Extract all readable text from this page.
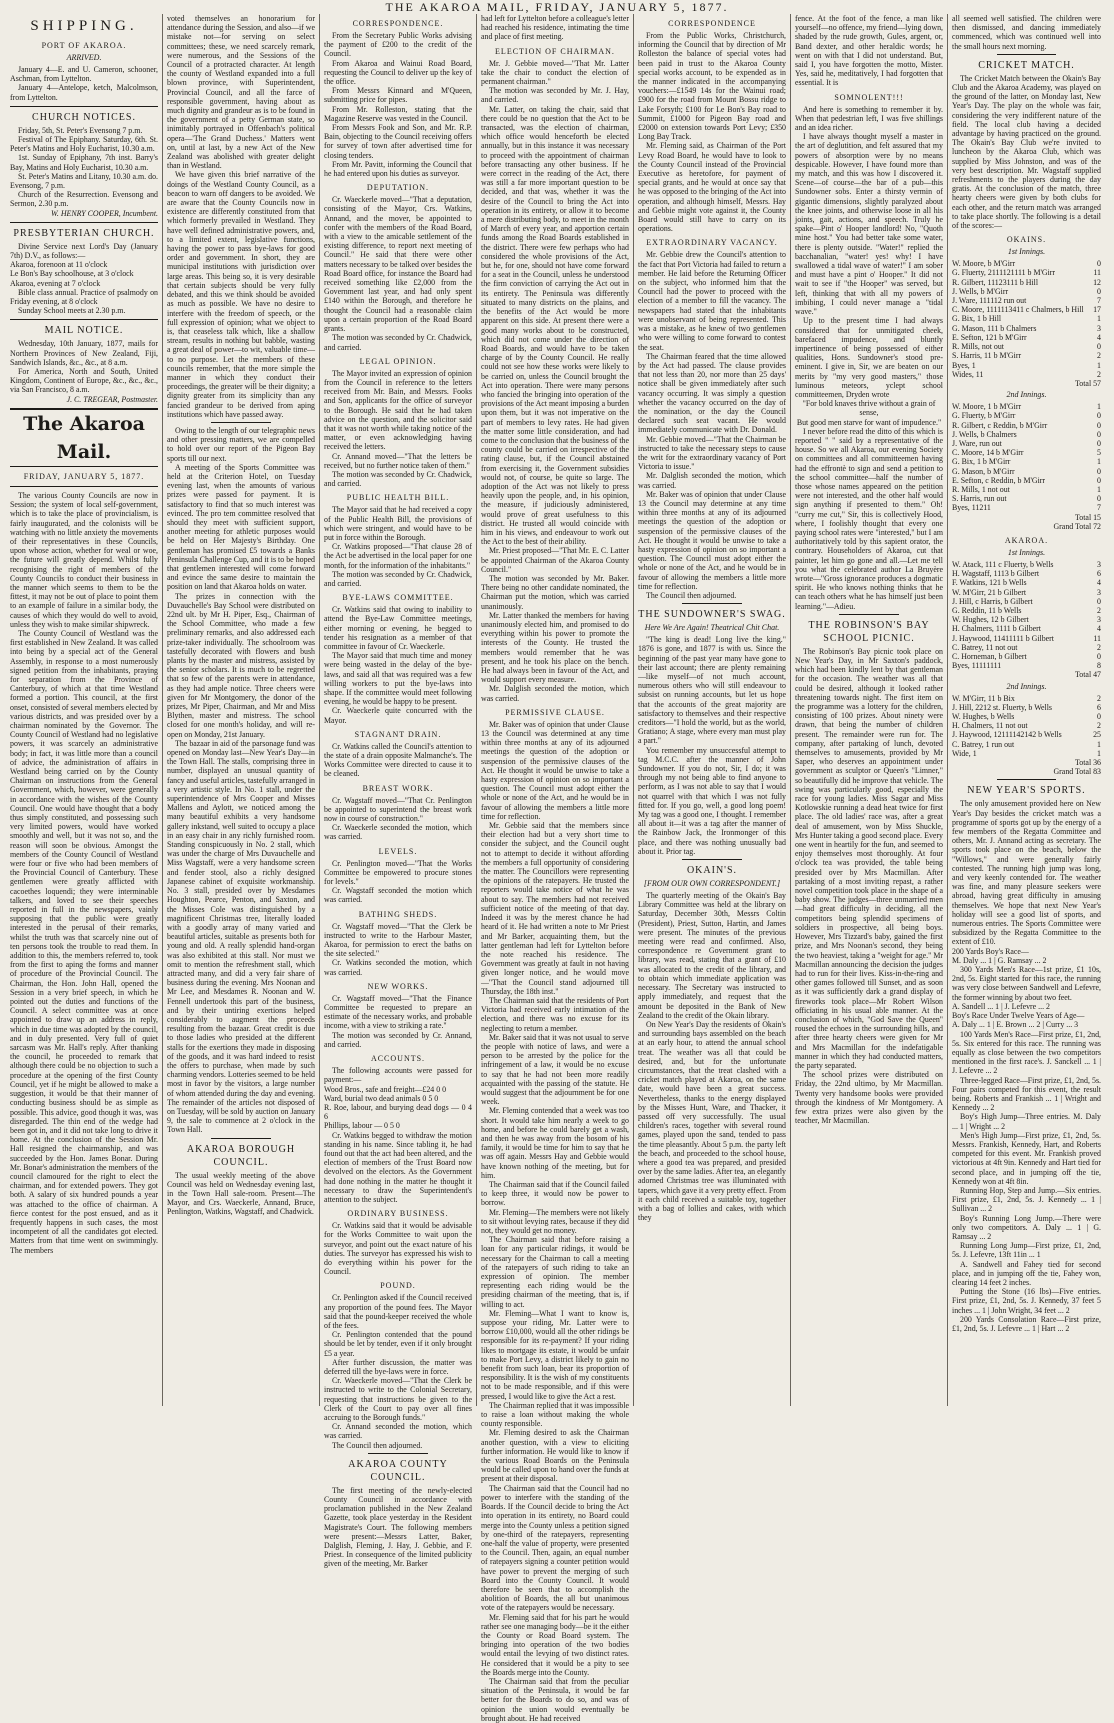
THE AKAROA MAIL, FRIDAY, JANUARY 5, 1877.
SHIPPING.
PORT OF AKAROA.
ARRIVED.

January 4—E. and U. Cameron, schooner, Aschman, from Lyttelton.

January 4—Antelope, ketch, Malcolmson, from Lyttelton.

CHURCH NOTICES.

Friday, 5th, St. Peter's Evensong 7 p.m.

Festival of The Epiphany. Saturday, 6th. St. Peter's Matins and Holy Eucharist, 10.30 a.m.

1st. Sunday of Epiphany, 7th inst. Barry's Bay, Matins and Holy Eucharist, 10.30 a.m.

St. Peter's Matins and Litany, 10.30 a.m. do. Evensong, 7 p.m.

Church of the Resurrection. Evensong and Sermon, 2.30 p.m.

W. HENRY COOPER, Incumbent.

PRESBYTERIAN CHURCH.

Divine Service next Lord's Day (January 7th) D.V., as follows:—

Akaroa, forenoon at 11 o'clock

Le Bon's Bay schoolhouse, at 3 o'clock

Akaroa, evening at 7 o'clock

Bible class annual. Practice of psalmody on Friday evening, at 8 o'clock

Sunday School meets at 2.30 p.m.

MAIL NOTICE.

Wednesday, 10th January, 1877, mails for Northern Provinces of New Zealand, Fiji, Sandwich Islands, &c., &c., at 8 a.m.

For America, North and South, United Kingdom, Continent of Europe, &c., &c., &c., via San Francisco, 8 a.m.

J. C. TREGEAR, Postmaster.

The Akaroa Mail.
FRIDAY, JANUARY 5, 1877.

The various County Councils are now in Session; the system of local self-government, which is to take the place of provincialism, is fairly inaugurated, and the colonists will be watching with no little anxiety the movements of their representatives in these Councils, upon whose action, whether for weal or woe, the future will greatly depend. Whilst fully recognising the right of members of the County Councils to conduct their business in the manner which seems to them to be the fittest, it may not be out of place to point them to an example of failure in a similar body, the causes of which they would do well to avoid, unless they wish to make similar shipwreck.

The County Council of Westland was the first established in New Zealand. It was called into being by a special act of the General Assembly, in response to a most numerously signed petition from the inhabitants, praying for separation from the Province of Canterbury, of which at that time Westland formed a portion. This council, at the first onset, consisted of several members elected by various districts, and was presided over by a chairman nominated by the Governor. The County Council of Westland had no legislative powers, it was scarcely an administrative body; in fact, it was little more than a council of advice, the administration of affairs in Westland being carried on by the County Chairman on instructions from the General Government, which, however, were generally in accordance with the wishes of the County Council. One would have thought that a body thus simply constituted, and possessing such very limited powers, would have worked smoothly and well, but it was not so, and the reason will soon be obvious. Amongst the members of the County Council of Westland were four or five who had been members of the Provincial Council of Canterbury. These gentlemen were greatly afflicted with cacoethes loquendi; they were interminable talkers, and loved to see their speeches reported in full in the newspapers, vainly supposing that the public were greatly interested in the perusal of their remarks, whilst the truth was that scarcely nine out of ten persons took the trouble to read them. In addition to this, the members referred to, took from the first to aping the forms and manner of procedure of the Provincial Council. The Chairman, the Hon. John Hall, opened the Session in a very brief speech, in which he pointed out the duties and functions of the Council. A select committee was at once appointed to draw up an address in reply, which in due time was adopted by the council, and in duly presented. Very full of quiet sarcasm was Mr. Hall's reply. After thanking the council, he proceeded to remark that although there could be no objection to such a procedure at the opening of the first County Council, yet if he might be allowed to make a suggestion, it would be that their manner of conducting business should be as simple as possible. This advice, good though it was, was disregarded. The thin end of the wedge had been got in, and it did not take long to drive it home. At the conclusion of the Session Mr. Hall resigned the chairmanship, and was succeeded by the Hon. James Bonar. During Mr. Bonar's administration the members of the council clamoured for the right to elect the chairman, and for extended powers. They got both. A salary of six hundred pounds a year was attached to the office of chairman. A fierce contest for the post ensued, and as it frequently happens in such cases, the most incompetent of all the candidates got elected. Matters from that time went on swimmingly. The members

voted themselves an honorarium for attendance during the Session, and also—if we mistake not—for serving on select committees; these, we need scarcely remark, were numerous, and the Sessions of the Council of a protracted character. At length the county of Westland expanded into a full blown province, with Superintendent, Provincial Council, and all the farce of responsible government, having about as much dignity and grandeur as is to be found in the government of a petty German state, so inimitably portrayed in Offenbach's political opera—'The Grand Duchess.' Matters went on, until at last, by a new Act of the New Zealand was abolished with greater delight than in Westland.

We have given this brief narrative of the doings of the Westland County Council, as a beacon to warn off dangers to be avoided. We are aware that the County Councils now in existence are differently constituted from that which formerly prevailed in Westland. They have well defined administrative powers, and, to a limited extent, legislative functions, having the power to pass bye-laws for good order and government. In short, they are municipal institutions with jurisdiction over large areas. This being so, it is very desirable that certain subjects should be very fully debated, and this we think should be avoided as much as possible. We have no desire to interfere with the freedom of speech, or the full expression of opinion; what we object to is, that ceaseless talk which, like a shallow stream, results in nothing but babble, wasting a great deal of power—to wit, valuable time—to no purpose. Let the members of these councils remember, that the more simple the manner in which they conduct their proceedings, the greater will be their dignity; a dignity greater from its simplicity than any fancied grandeur to be derived from aping institutions which have passed away.

Owing to the length of our telegraphic news and other pressing matters, we are compelled to hold over our report of the Pigeon Bay sports till our next.

A meeting of the Sports Committee was held at the Criterion Hotel, on Tuesday evening last, when the amounts of various prizes were passed for payment. It is satisfactory to find that so much interest was evinced. The pro tem committee resolved that should they meet with sufficient support, another meeting for athletic purposes would be held on Her Majesty's Birthday. One gentleman has promised £5 towards a Banks Peninsula Challenge Cup, and it is to be hoped that gentlemen interested will come forward and evince the same desire to maintain the position on land that Akaroa holds on water.

The prizes in connection with the Duvauchelle's Bay School were distributed on 22nd ult. by Mr H. Piper, Esq., Chairman of the School Committee, who made a few preliminary remarks, and also addressed each prize-taker individually. The schoolroom was tastefully decorated with flowers and bush plants by the master and mistress, assisted by the senior scholars. It is much to be regretted that so few of the parents were in attendance, as they had ample notice. Three cheers were given for Mr Montgomery, the donor of the prizes, Mr Piper, Chairman, and Mr and Miss Blythen, master and mistress. The school closed for one month's holiday, and will re-open on Monday, 21st January.

The bazaar in aid of the parsonage fund was opened on Monday last—New Year's Day—in the Town Hall. The stalls, comprising three in number, displayed an unusual quantity of fancy and useful articles, tastefully arranged in a very artistic style. In No. 1 stall, under the superintendence of Mrs Cooper and Misses Mallens and Aylott, we noticed among the many beautiful exhibits a very handsome gallery inkstand, well suited to occupy a place in an easy chair in any richly furnished room. Standing conspicuously in No. 2 stall, which was under the charge of Mrs Duvauchelle and Miss Wagstaff, were a very handsome screen and fender stool, also a richly designed Japanese cabinet of exquisite workmanship. No. 3 stall, presided over by Mesdames Houghton, Pearce, Penton, and Saxton, and the Misses Cole was distinguished by a magnificent Christmas tree, literally loaded with a goodly array of many varied and beautiful articles, suitable as presents both for young and old. A really splendid hand-organ was also exhibited at this stall. Nor must we omit to mention the refreshment stall, which attracted many, and did a very fair share of business during the evening. Mrs Noonan and Mr Lee, and Mesdames R. Noonan and W. Fennell undertook this part of the business, and by their untiring exertions helped considerably to augment the proceeds resulting from the bazaar. Great credit is due to those ladies who presided at the different stalls for the exertions they made in disposing of the goods, and it was hard indeed to resist the offers to purchase, when made by such charming vendors. Lotteries seemed to be held most in favor by the visitors, a large number of whom attended during the day and evening. The remainder of the articles not disposed of on Tuesday, will be sold by auction on January 9, the sale to commence at 2 o'clock in the Town Hall.

AKAROA BOROUGH COUNCIL.

The usual weekly meeting of the above Council was held on Wednesday evening last, in the Town Hall sale-room. Present—The Mayor, and Crs. Waeckerle, Annand, Bruce, Penlington, Watkins, Wagstaff, and Chadwick.

CORRESPONDENCE.

From the Secretary Public Works advising the payment of £200 to the credit of the Council.

From Akaroa and Wainui Road Board, requesting the Council to deliver up the key of the office.

From Messrs Kinnard and M'Queen, submitting price for pipes.

From Mr. Rolleston, stating that the Magazine Reserve was vested in the Council.

From Messrs Fook and Son, and Mr. R.P. Bain, objecting to the Council receiving offers for survey of town after advertised time for closing tenders.

From Mr. Pavitt, informing the Council that he had entered upon his duties as surveyor.

DEPUTATION.

Cr. Waeckerle moved—"That a deputation, consisting of the Mayor, Crs. Watkins, Annand, and the mover, be appointed to confer with the members of the Road Board, with a view to the amicable settlement of the existing difference, to report next meeting of Council." He said that there were other matters necessary to be talked over besides the Road Board office, for instance the Board had received something like £2,000 from the Government last year, and had only spent £140 within the Borough, and therefore he thought the Council had a reasonable claim upon a certain proportion of the Road Board grants.

The motion was seconded by Cr. Chadwick, and carried.

LEGAL OPINION.

The Mayor invited an expression of opinion from the Council in reference to the letters received from Mr. Bain, and Messrs. Fooks and Son, applicants for the office of surveyor to the Borough. He said that he had taken advice on the question, and the solicitor said that it was not worth while taking notice of the matter, or even acknowledging having received the letters.

Cr. Annand moved—"That the letters be received, but no further notice taken of them."

The motion was seconded by Cr. Chadwick, and carried.

PUBLIC HEALTH BILL.

The Mayor said that he had received a copy of the Public Health Bill, the provisions of which were stringent, and would have to be put in force within the Borough.

Cr. Watkins proposed—"That clause 28 of the Act be advertised in the local paper for one month, for the information of the inhabitants."

The motion was seconded by Cr. Chadwick, and carried.

BYE-LAWS COMMITTEE.

Cr. Watkins said that owing to inability to attend the Bye-Law Committee meetings, either morning or evening, he begged to tender his resignation as a member of that committee in favour of Cr. Waeckerle.

The Mayor said that much time and money were being wasted in the delay of the bye-laws, and said all that was required was a few willing workers to put the bye-laws into shape. If the committee would meet following evening, he would be happy to be present.

Cr. Waeckerle quite concurred with the Mayor.

STAGNANT DRAIN.

Cr. Watkins called the Council's attention to the state of a drain opposite Malmanche's. The Works Committee were directed to cause it to be cleaned.

BREAST WORK.

Cr. Wagstaff moved—"That Cr. Penlington be appointed to superintend the breast work now in course of construction."

Cr. Waeckerle seconded the motion, which was carried.

LEVELS.

Cr. Penlington moved—"That the Works Committee be empowered to procure stones for levels."

Cr. Wagstaff seconded the motion which was carried.

BATHING SHEDS.

Cr. Wagstaff moved—"That the Clerk be instructed to write to the Harbour Master, Akaroa, for permission to erect the baths on the site selected."

Cr. Watkins seconded the motion, which was carried.

NEW WORKS.

Cr. Wagstaff moved—"That the Finance Committee be requested to prepare an estimate of the necessary works, and probable income, with a view to striking a rate."

The motion was seconded by Cr. Annand, and carried.

ACCOUNTS.

The following accounts were passed for payment:—

Wood Bros., safe and freight—£24 0 0

Ward, burial two dead animals 0 5 0

R. Roe, labour, and burying dead dogs — 0 4 6

Phillips, labour — 0 5 0

Cr. Watkins begged to withdraw the motion standing in his name. Since tabling it, he had found out that the act had been altered, and the election of members of the Trust Board now devolved on the electors. As the Government had done nothing in the matter he thought it necessary to draw the Superintendent's attention to the subject.

ORDINARY BUSINESS.

Cr. Watkins said that it would be advisable for the Works Committee to wait upon the surveyor, and point out the exact nature of his duties. The surveyor has expressed his wish to do everything within his power for the Council.

POUND.

Cr. Penlington asked if the Council received any proportion of the pound fees. The Mayor said that the pound-keeper received the whole of the fees.

Cr. Penlington contended that the pound should be let by tender, even if it only brought £5 a year.

After further discussion, the matter was deferred till the bye-laws were in force.

Cr. Waeckerle moved—"That the Clerk be instructed to write to the Colonial Secretary, requesting that instructions be given to the Clerk of the Court to pay over all fines accruing to the Borough funds."

Cr. Annand seconded the motion, which was carried.

The Council then adjourned.

AKAROA COUNTY COUNCIL.

The first meeting of the newly-elected County Council in accordance with proclamation published in the New Zealand Gazette, took place yesterday in the Resident Magistrate's Court. The following members were present:—Messrs Latter, Baker, Dalglish, Fleming, J. Hay, J. Gebbie, and F. Priest. In consequence of the limited publicity given of the meeting, Mr. Barker

had left for Lyttelton before a colleague's letter had reached his residence, intimating the time and place of first meeting.

ELECTION OF CHAIRMAN.

Mr. J. Gebbie moved—"That Mr. Latter take the chair to conduct the election of permanent chairman."

The motion was seconded by Mr. J. Hay, and carried.

Mr. Latter, on taking the chair, said that there could be no question that the Act to be transacted, was the election of chairman, which office would henceforth be elected annually, but in this instance it was necessary to proceed with the appointment of chairman before transacting any other business. If he were correct in the reading of the Act, there was still a far more important question to be decided, and that was, whether it was the desire of the Council to bring the Act into operation in its entirety, or allow it to become a mere distributing body, to meet in the month of March of every year, and apportion certain funds among the Road Boards established in the district. There were few perhaps who had considered the whole provisions of the Act, but he, for one, should not have come forward for a seat in the Council, unless he understood the firm conviction of carrying the Act out in its entirety. The Peninsula was differently situated to many districts on the plains, and the benefits of the Act would be more apparent on this side. At present there were a good many works about to be constructed, which did not come under the direction of Road Boards, and would have to be taken charge of by the County Council. He really could not see how these works were likely to be carried on, unless the Council brought the Act into operation. There were many persons who fancied the bringing into operation of the provisions of the Act meant imposing a burden upon them, but it was not imperative on the part of members to levy rates. He had given the matter some little consideration, and had come to the conclusion that the business of the county could be carried on irrespective of the rating clause, but, if the Council abstained from exercising it, the Government subsidies would not, of course, be quite so large. The adoption of the Act was not likely to press heavily upon the people, and, in his opinion, the measure, if judiciously administered, would prove of great usefulness to this district. He trusted all would coincide with him in his views, and endeavour to work out the Act to the best of their ability.

Mr. Priest proposed—"That Mr. E. C. Latter be appointed Chairman of the Akaroa County Council."

The motion was seconded by Mr. Baker. There being no other candidate nominated, the Chairman put the motion, which was carried unanimously.

Mr. Latter thanked the members for having unanimously elected him, and promised to do everything within his power to promote the interests of the County. He trusted the members would remember that he was present, and he took his place on the bench. He had always been in favour of the Act, and would support every measure.

Mr. Dalglish seconded the motion, which was carried.

PERMISSIVE CLAUSE.

Mr. Baker was of opinion that under Clause 13 the Council was determined at any time within three months at any of its adjourned meetings the question of the adoption or suspension of the permissive clauses of the Act. He thought it would be unwise to take a hasty expression of opinion on so important a question. The Council must adopt either the whole or none of the Act, and he would be in favour of allowing the members a little more time for reflection.

Mr. Gebbie said that the members since their election had but a very short time to consider the subject, and the Council ought not to attempt to decide it without affording the members a full opportunity of considering the matter. The Councillors were representing the opinions of the ratepayers. He trusted the reporters would take notice of what he was about to say. The members had not received sufficient notice of the meeting of that day. Indeed it was by the merest chance he had heard of it. He had written a note to Mr Priest and Mr Barker, acquainting them, but the latter gentleman had left for Lyttelton before the note reached his residence. The Government was greatly at fault in not having given longer notice, and he would move—"That the Council stand adjourned till Thursday, the 18th inst."

The Chairman said that the residents of Port Victoria had received early intimation of the election, and there was no excuse for its neglecting to return a member.

Mr. Baker said that it was not usual to serve the people with notice of laws, and were a person to be arrested by the police for the infringement of a law, it would be no excuse to say that he had not been more readily acquainted with the passing of the statute. He would suggest that the adjournment be for one week.

Mr. Fleming contended that a week was too short. It would take him nearly a week to go home, and before he could barely get a wash, and then he was away from the bosom of his family, it would be time for him to say that he was off again. Messrs Hay and Gebbie would have known nothing of the meeting, but for him.

The Chairman said that if the Council failed to keep three, it would now be power to borrow.

Mr. Fleming—The members were not likely to sit without levying rates, because if they did not, they would get no money.

The Chairman said that before raising a loan for any particular ridings, it would be necessary for the Chairman to call a meeting of the ratepayers of such riding to take an expression of opinion. The member representing each riding would be the presiding chairman of the meeting, that is, if willing to act.

Mr. Fleming—What I want to know is, suppose your riding, Mr. Latter were to borrow £10,000, would all the other ridings be responsible for its re-payment? If your riding likes to mortgage its estate, it would be unfair to make Port Levy, a district likely to gain no benefit from such loan, bear its proportion of responsibility. It is the wish of my constituents not to be made responsible, and if this were pressed, I would like to give the Act a rest.

The Chairman replied that it was impossible to raise a loan without making the whole county responsible.

Mr. Fleming desired to ask the Chairman another question, with a view to eliciting further information. He would like to know if the various Road Boards on the Peninsula would be called upon to hand over the funds at present at their disposal.

The Chairman said that the Council had no power to interfere with the standing of the Boards. If the Council decide to bring the Act into operation in its entirety, no Board could merge into the County unless a petition signed by one-third of the ratepayers, representing one-half the value of property, were presented to the Council. Then, again, an equal number of ratepayers signing a counter petition would have power to prevent the merging of such Board into the County Council. It would therefore be seen that to accomplish the abolition of Boards, the all but unanimous vote of the ratepayers would be necessary.

Mr. Fleming said that for his part he would rather see one managing body—be it the either the County or Road Board system. The bringing into operation of the two bodies would entail the levying of two distinct rates. He considered that it would be a pity to see the Boards merge into the County.

The Chairman said that from the peculiar situation of the Peninsula, it would be far better for the Boards to do so, and was of opinion the union would eventually be brought about. He had received

CORRESPONDENCE

From the Public Works, Christchurch, informing the Council that by direction of Mr Rolleston the balance of special votes had been paid in trust to the Akaroa County special works account, to be expended as in the manner indicated in the accompanying vouchers:—£1549 14s for the Wainui road; £900 for the road from Mount Bossu ridge to Lake Forsyth; £100 for Le Bon's Bay road to Summit, £1000 for Pigeon Bay road and £2000 on extension towards Port Levy; £350 Long Bay Track.

Mr. Fleming said, as Chairman of the Port Levy Road Board, he would have to look to the County Council instead of the Provincial Executive as heretofore, for payment of special grants, and he would at once say that he was opposed to the bringing of the Act into operation, and although himself, Messrs. Hay and Gebbie might vote against it, the County Board would still have to carry on its operations.

EXTRAORDINARY VACANCY.

Mr. Gebbie drew the Council's attention to the fact that Port Victoria had failed to return a member. He laid before the Returning Officer on the subject, who informed him that the Council had the power to proceed with the election of a member to fill the vacancy. The newspapers had stated that the inhabitants were unobservant of being represented. This was a mistake, as he knew of two gentlemen who were willing to come forward to contest the seat.

The Chairman feared that the time allowed by the Act had passed. The clause provides that not less than 20, nor more than 25 days' notice shall be given immediately after such vacancy occurring. It was simply a question whether the vacancy occurred on the day of the nomination, or the day the Council declared such seat vacant. He would immediately communicate with Dr. Donald.

Mr. Gebbie moved—"That the Chairman be instructed to take the necessary steps to cause the writ for the extraordinary vacancy of Port Victoria to issue."

Mr. Dalglish seconded the motion, which was carried.

Mr. Baker was of opinion that under Clause 13 the Council may determine at any time within three months at any of its adjourned meetings the question of the adoption or suspension of the permissive clauses of the Act. He thought it would be unwise to take a hasty expression of opinion on so important a question. The Council must adopt either the whole or none of the Act, and he would be in favour of allowing the members a little more time for reflection.

The Council then adjourned.

THE SUNDOWNER'S SWAG.
Here We Are Again! Theatrical Chit Chat.

"The king is dead! Long live the king." 1876 is gone, and 1877 is with us. Since the beginning of the past year many have gone to their last account; there are plenty remaining—like myself—of not much account, numerous others who will still endeavour to subsist on running accounts, but let us hope that the accounts of the great majority are satisfactory to themselves and their respective creditors—"I hold the world, but as the world, Gratiano; A stage, where every man must play a part."

You remember my unsuccessful attempt to tag M.C.C. after the manner of John Sundowner. If you do not, Sir, I do; it was through my not being able to find anyone to perform, as I was not able to say that I would not quarrel with that which I was not fully fitted for. If you go, well, a good long poem! My tag was a good one, I thought. I remember all about it—it was a tag after the manner of the Rainbow Jack, the Ironmonger of this place, and there was nothing unusually bad about it. Prior tag.

OKAIN'S.
[FROM OUR OWN CORRESPONDENT.]

The quarterly meeting of the Okain's Bay Library Committee was held at the library on Saturday, December 30th, Messrs Coltin (President), Priest, Sutton, Hartin, and James were present. The minutes of the previous meeting were read and confirmed. Also, correspondence re Government grant to library, was read, stating that a grant of £10 was allocated to the credit of the library, and to obtain which immediate application was necessary. The Secretary was instructed to apply immediately, and request that the amount be deposited in the Bank of New Zealand to the credit of the Okain library.

On New Year's Day the residents of Okain's and surrounding bays assembled on the beach at an early hour, to attend the annual school treat. The weather was all that could be desired, and, but for the unfortunate circumstances, that the treat clashed with a cricket match played at Akaroa, on the same date, would have been a great success. Nevertheless, thanks to the energy displayed by the Misses Hunt, Ware, and Thacker, it passed off very successfully. The usual children's races, together with several round games, played upon the sand, tended to pass the time pleasantly. About 5 p.m. the party left the beach, and proceeded to the school house, where a good tea was prepared, and presided over by the same ladies. After tea, an elegantly adorned Christmas tree was illuminated with tapers, which gave it a very pretty effect. From it each child received a suitable toy, together with a bag of lollies and cakes, with which they

fence. At the foot of the fence, a man like yourself—no offence, my friend—lying down, shaded by the rude growth, Gules, argent, or, Band dexter, and other heraldic words; he went on with that I did not understand. But, said I, you have forgotten the motto, Mister. Yes, said he, meditatively, I had forgotten that essential. It is

SOMNOLENT!!!

And here is something to remember it by. When that pedestrian left, I was five shillings and an idea richer.

I have always thought myself a master in the art of deglutition, and felt assured that my powers of absorption were by no means despicable. However, I have found more than my match, and this was how I discovered it. Scene—of course—the bar of a pub—this Sundowner sobs. Enter a thirsty vermin of gigantic dimensions, slightly paralyzed about the knee joints, and otherwise loose in all his joints, gait, actions, and speech. Truly he spake—Pint o' Hooper landlord! No, "Quoth mine host." You had better take some water, there is plenty outside. "Water!" replied the bacchanalian, "water! yes! why! I have swallowed a tidal wave of water!" I am sober and must have a pint o' Hooper." It did not wait to see if "the Hooper" was served, but left, thinking that with all my powers of imbibing, I could never manage a "tidal wave."

Up to the present time I had always considered that for unmitigated cheek, barefaced impudence, and bluntly impertinence of being possessed of either qualities, Hons. Sundowner's stood pre-eminent. I give in, Sir, we are beaten on our merits by "my very good masters," those luminous meteors, yclept school committeemen, Dryden wrote

"For bold knaves thrive without a grain of sense,

But good men starve for want of impudence."

I never before read the ditto of this which is reported " " said by a representative of the house. So we all Akaroa, our evening Society on committees and all committeemen having had the effrontè to sign and send a petition to the school committee—half the number of those whose names appeared on the petition were not interested, and the other half would sign anything if presented to them." Oh! "curry me cut," Sir, this is collectively Hood, where, I foolishly thought that every one paying school rates were "interested," but I am authoritatively told by this sapient orator, the contrary. Householders of Akaroa, cut that painter, let him go gone and all.—Let me tell you what the celebrated author La Bruyère wrote—"Gross ignorance produces a dogmatic spirit. He who knows nothing thinks that he can teach others what he has himself just been learning."—Adieu.

THE ROBINSON'S BAY SCHOOL PICNIC.

The Robinson's Bay picnic took place on New Year's Day, in Mr Saxton's paddock, which had been kindly lent by that gentleman for the occasion. The weather was all that could be desired, although it looked rather threatening towards night. The first item on the programme was a lottery for the children, consisting of 100 prizes. About ninety were drawn, that being the number of children present. The remainder were run for. The company, after partaking of lunch, devoted themselves to amusements, provided by Mr Saper, who deserves an appointment under government as sculptor or Queen's "Limner," so beautifully did he improve that vehicle. The swing was particularly good, especially the race for young ladies. Miss Sagar and Miss Kotlowskie running a dead heat twice for first place. The old ladies' race was, after a great deal of amusement, won by Miss Shuckle, Mrs Hunter taking a good second place. Every one went in heartily for the fun, and seemed to enjoy themselves most thoroughly. At four o'clock tea was provided, the table being presided over by Mrs Macmillan. After partaking of a most inviting repast, a rather novel competition took place in the shape of a baby show. The judges—three unmarried men—had great difficulty in deciding, all the competitors being splendid specimens of soldiers in prospective, all being boys. However, Mrs Tizzard's baby, gained the first prize, and Mrs Noonan's second, they being the two heaviest, taking a "weight for age." Mr Macmillan announcing the decision the judges had to run for their lives. Kiss-in-the-ring and other games followed till Sunset, and as soon as it was sufficiently dark a grand display of fireworks took place—Mr Robert Wilson officiating in his usual able manner. At the conclusion of which, "God Save the Queen" roused the echoes in the surrounding hills, and after three hearty cheers were given for Mr and Mrs Macmillan for the indefatigable manner in which they had conducted matters, the party separated.

The school prizes were distributed on Friday, the 22nd ultimo, by Mr Macmillan. Twenty very handsome books were provided through the kindness of Mr Montgomery. A few extra prizes were also given by the teacher, Mr Macmillan.

all seemed well satisfied. The children were then dismissed, and dancing immediately commenced, which was continued well into the small hours next morning.

CRICKET MATCH.

The Cricket Match between the Okain's Bay Club and the Akaroa Academy, was played on the ground of the latter, on Monday last, New Year's Day. The play on the whole was fair, considering the very indifferent nature of the field. The local club having a decided advantage by having practiced on the ground. The Okain's Bay Club we're invited to luncheon by the Akaroa Club, which was supplied by Miss Johnston, and was of the very best description. Mr. Wagstaff supplied refreshments to the players during the day gratis. At the conclusion of the match, three hearty cheers were given by both clubs for each other, and the return match was arranged to take place shortly. The following is a detail of the scores:—

OKAINS.
1st Innings.
W. Moore, b M'Girr	0
G. Fluerty, 2111121111 b M'Girr	11
R. Gilbert, 11123111 b Hill	12
J. Wells, b M'Girr	0
J. Ware, 111112 run out	7
C. Moore, 1111113411 c Chalmers, b Hill	17
G. Bix, 1 b Hill	1
G. Mason, 111 b Chalmers	3
E. Sefton, 121 b M'Girr	4
R. Mills, not out	0
S. Harris, 11 b M'Girr	2
Byes, 1	1
Wides, 11	2
Total 57
2nd Innings.
W. Moore, 1 b M'Girr	1
G. Fluerty, b M'Girr	0
R. Gilbert, c Reddin, b M'Girr	0
J. Wells, b Chalmers	0
J. Ware, run out	0
C. Moore, 14 b M'Girr	5
G. Bix, 1 b M'Girr	1
G. Mason, b M'Girr	0
E. Sefton, c Reddin, b M'Girr	0
R. Mills, 1 not out	1
S. Harris, run out	0
Byes, 11211	7
Total 15
Grand Total 72
AKAROA.
1st Innings.
W. Atack, 111 c Fluerty, b Wells	3
H. Wagstaff, 1113 b Gilbert	6
F. Watkins, 121 b Wells	4
W. M'Girr, 21 b Gilbert	3
J. Hill, c Harris, b Gilbert	0
G. Reddin, 11 b Wells	2
W. Hughes, 12 b Gilbert	3
H. Chalmers, 1111 b Gilbert	4
J. Haywood, 11411111 b Gilbert	11
C. Batrey, 11 not out	2
C. Horneman, b Gilbert	0
Byes, 11111111	8
Total 47
2nd Innings.
W. M'Girr, 11 b Bix	2
J. Hill, 2212 st. Fluerty, b Wells	6
W. Hughes, b Wells	0
H. Chalmers, 11 not out	2
J. Haywood, 12111142142 b Wells	25
C. Batrey, 1 run out	1
Wide, 1	1
Total 36
Grand Total 83
NEW YEAR'S SPORTS.

The only amusement provided here on New Year's Day besides the cricket match was a programme of sports got up by the energy of a few members of the Regatta Committee and others, Mr. J. Annand acting as secretary. The sports took place on the beach, below the "Willows," and were generally fairly contested. The running high jump was long, and very keenly contended for. The weather was fine, and many pleasure seekers were abroad, having great difficulty in amusing themselves. We hope that next New Year's holiday will see a good list of sports, and numerous entries. The Sports Committee were subsidized by the Regatta Committee to the extent of £10.

200 Yards Boy's Race—

M. Daly ... 1 | G. Ramsay ... 2

300 Yards Men's Race—1st prize, £1 10s, 2nd, 5s. Eight started for this race, the running was very close between Sandwell and Lefevre, the former winning by about two feet.

A. Sandell ... 1 | J. Lefevre ... 2

Boy's Race Under Twelve Years of Age—

A. Daly ... 1 | E. Brown ... 2 | Curry ... 3

100 Yards Men's Race—First prize, £1, 2nd, 5s. Six entered for this race. The running was equally as close between the two competitors mentioned in the first race's. J. Sanckell ... 1 | J. Lefevre ... 2

Three-legged Race—First prize, £1, 2nd, 5s. Four pairs competed for this event, the result being. Roberts and Frankish ... 1 | Wright and Kennedy ... 2

Boy's High Jump—Three entries. M. Daly ... 1 | Wright ... 2

Men's High Jump—First prize, £1, 2nd, 5s. Messrs. Frankish, Kennedy, Hart, and Roberts competed for this event. Mr. Frankish proved victorious at 4ft 9in. Kennedy and Hart tied for second place, and in jumping off the tie, Kennedy won at 4ft 8in.

Running Hop, Step and Jump.—Six entries. First prize, £1, 2nd, 5s. J. Kennedy ... 1 | Sullivan ... 2

Boy's Running Long Jump.—There were only two competitors. A. Daly ... 1 | G. Ramsay ... 2

Running Long Jump—First prize, £1, 2nd, 5s. J. Lefevre, 13ft 11in ... 1

A. Sandwell and Fahey tied for second place, and in jumping off the tie, Fahey won, clearing 14 feet 2 inches.

Putting the Stone (16 lbs)—Five entries. First prize, £1, 2nd, 5s. J. Kennedy, 37 feet 5 inches ... 1 | John Wright, 34 feet ... 2

200 Yards Consolation Race—First prize, £1, 2nd, 5s. J. Lefevre ... 1 | Hart ... 2
